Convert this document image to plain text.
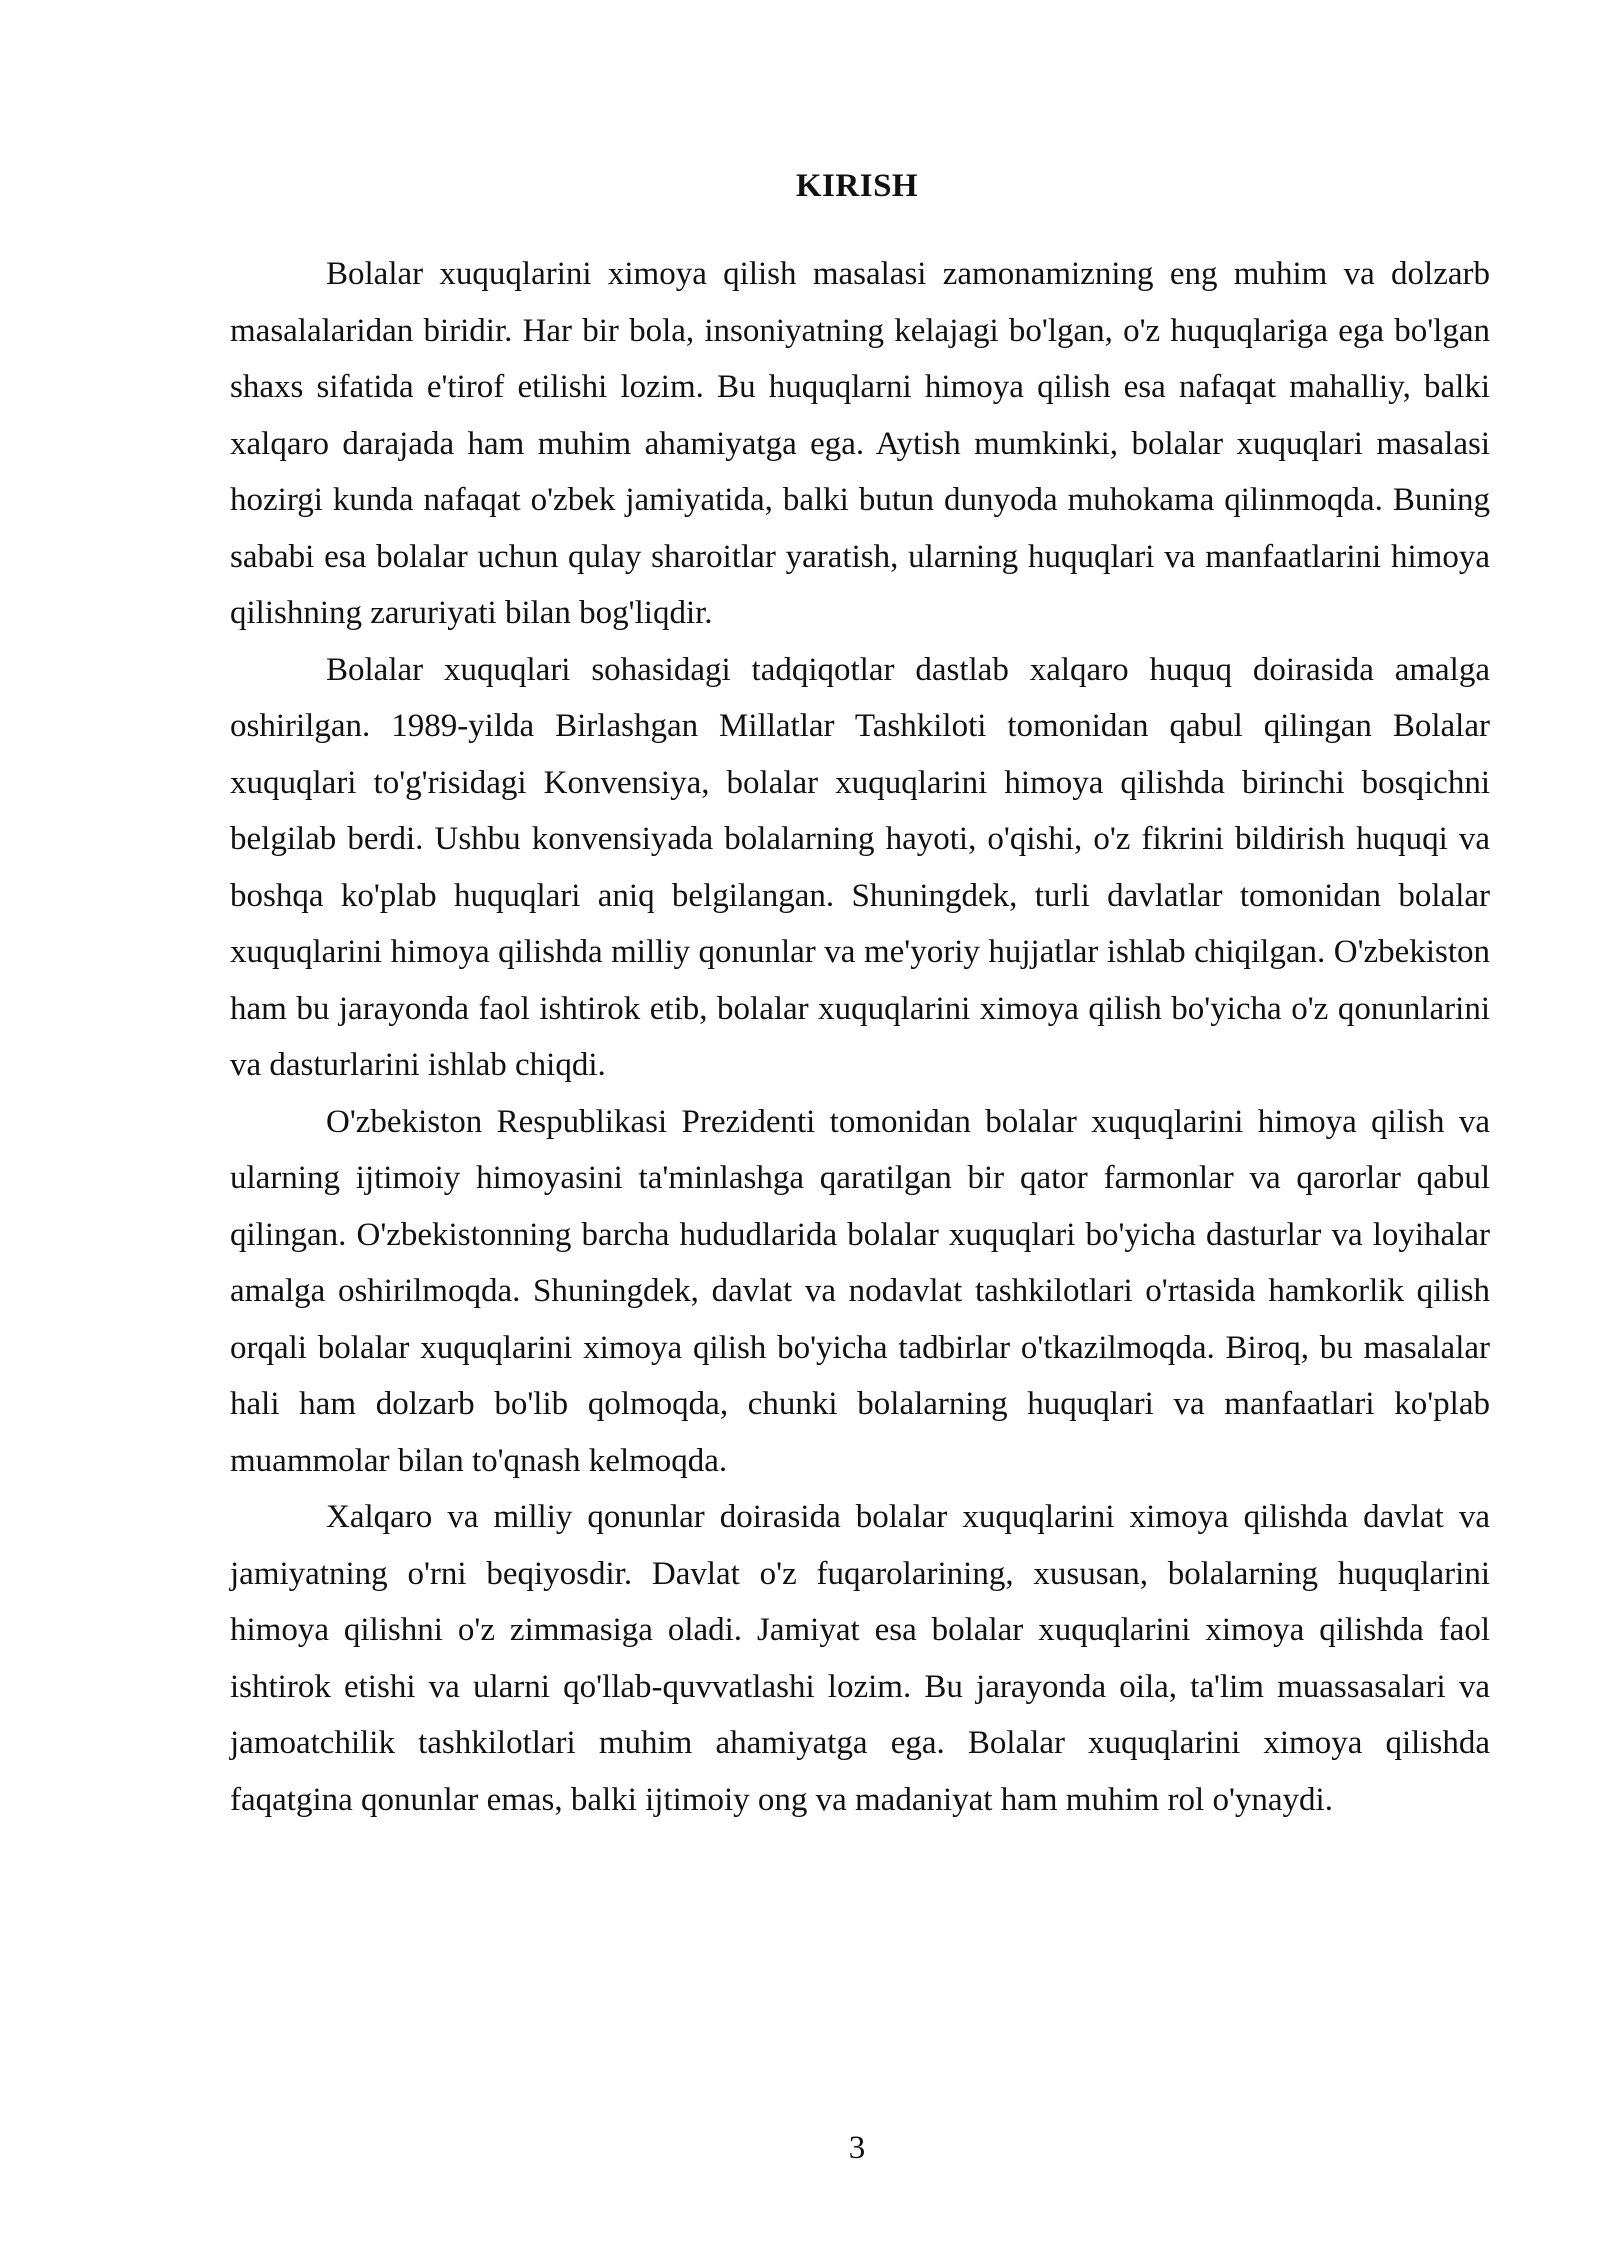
KIRISH

Bolalar xuquqlarini ximoya qilish masalasi zamonamizning eng muhim va dolzarb masalalaridan biridir. Har bir bola, insoniyatning kelajagi bo'lgan, o'z huquqlariga ega bo'lgan shaxs sifatida e'tirof etilishi lozim. Bu huquqlarni himoya qilish esa nafaqat mahalliy, balki xalqaro darajada ham muhim ahamiyatga ega. Aytish mumkinki, bolalar xuquqlari masalasi hozirgi kunda nafaqat o'zbek jamiyatida, balki butun dunyoda muhokama qilinmoqda. Buning sababi esa bolalar uchun qulay sharoitlar yaratish, ularning huquqlari va manfaatlarini himoya qilishning zaruriyati bilan bog'liqdir.

Bolalar xuquqlari sohasidagi tadqiqotlar dastlab xalqaro huquq doirasida amalga oshirilgan. 1989-yilda Birlashgan Millatlar Tashkiloti tomonidan qabul qilingan Bolalar xuquqlari to'g'risidagi Konvensiya, bolalar xuquqlarini himoya qilishda birinchi bosqichni belgilab berdi. Ushbu konvensiyada bolalarning hayoti, o'qishi, o'z fikrini bildirish huquqi va boshqa ko'plab huquqlari aniq belgilangan. Shuningdek, turli davlatlar tomonidan bolalar xuquqlarini himoya qilishda milliy qonunlar va me'yoriy hujjatlar ishlab chiqilgan. O'zbekiston ham bu jarayonda faol ishtirok etib, bolalar xuquqlarini ximoya qilish bo'yicha o'z qonunlarini va dasturlarini ishlab chiqdi.

O'zbekiston Respublikasi Prezidenti tomonidan bolalar xuquqlarini himoya qilish va ularning ijtimoiy himoyasini ta'minlashga qaratilgan bir qator farmonlar va qarorlar qabul qilingan. O'zbekistonning barcha hududlarida bolalar xuquqlari bo'yicha dasturlar va loyihalar amalga oshirilmoqda. Shuningdek, davlat va nodavlat tashkilotlari o'rtasida hamkorlik qilish orqali bolalar xuquqlarini ximoya qilish bo'yicha tadbirlar o'tkazilmoqda. Biroq, bu masalalar hali ham dolzarb bo'lib qolmoqda, chunki bolalarning huquqlari va manfaatlari ko'plab muammolar bilan to'qnash kelmoqda.

Xalqaro va milliy qonunlar doirasida bolalar xuquqlarini ximoya qilishda davlat va jamiyatning o'rni beqiyosdir. Davlat o'z fuqarolarining, xususan, bolalarning huquqlarini himoya qilishni o'z zimmasiga oladi. Jamiyat esa bolalar xuquqlarini ximoya qilishda faol ishtirok etishi va ularni qo'llab-quvvatlashi lozim. Bu jarayonda oila, ta'lim muassasalari va jamoatchilik tashkilotlari muhim ahamiyatga ega. Bolalar xuquqlarini ximoya qilishda faqatgina qonunlar emas, balki ijtimoiy ong va madaniyat ham muhim rol o'ynaydi.

3
